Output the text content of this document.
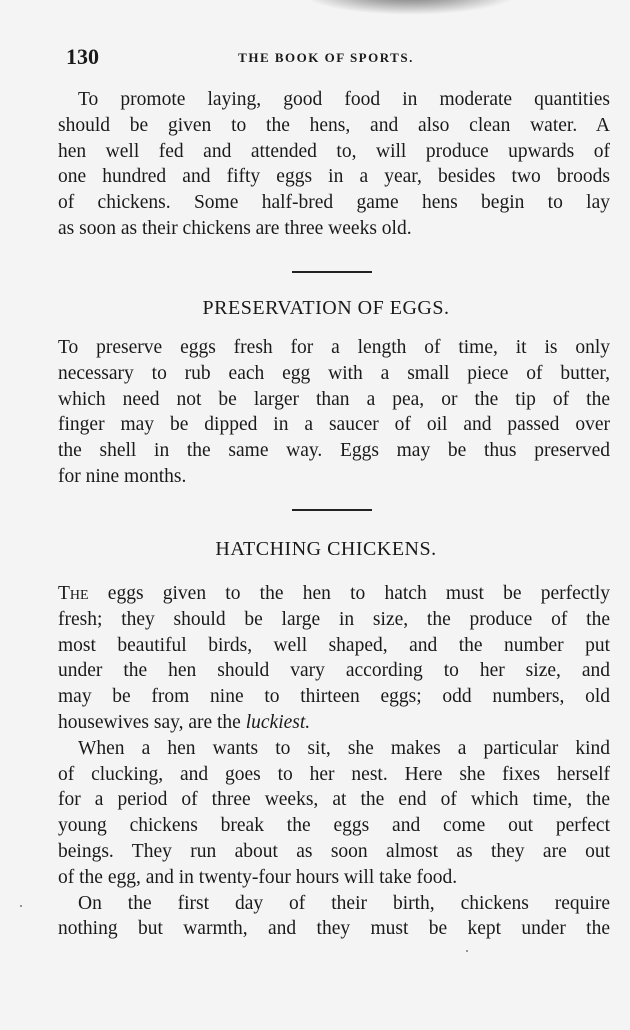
130	THE BOOK OF SPORTS.
To promote laying, good food in moderate quantities
should be given to the hens, and also clean water. A
hen well fed and attended to, will produce upwards of
one hundred and fifty eggs in a year, besides two broods
of chickens. Some half-bred game hens begin to lay
as soon as their chickens are three weeks old.
PRESERVATION OF EGGS.
To preserve eggs fresh for a length of time, it is only
necessary to rub each egg with a small piece of butter,
which need not be larger than a pea, or the tip of the
finger may be dipped in a saucer of oil and passed over
the shell in the same way. Eggs may be thus preserved
for nine months.
HATCHING CHICKENS.
The eggs given to the hen to hatch must be perfectly
fresh; they should be large in size, the produce of the
most beautiful birds, well shaped, and the number put
under the hen should vary according to her size, and
may be from nine to thirteen eggs; odd numbers, old
housewives say, are the luckiest.
When a hen wants to sit, she makes a particular kind
of clucking, and goes to her nest. Here she fixes herself
for a period of three weeks, at the end of which time, the
young chickens break the eggs and come out perfect
beings. They run about as soon almost as they are out
of the egg, and in twenty-four hours will take food.
On the first day of their birth, chickens require
nothing but warmth, and they must be kept under the
